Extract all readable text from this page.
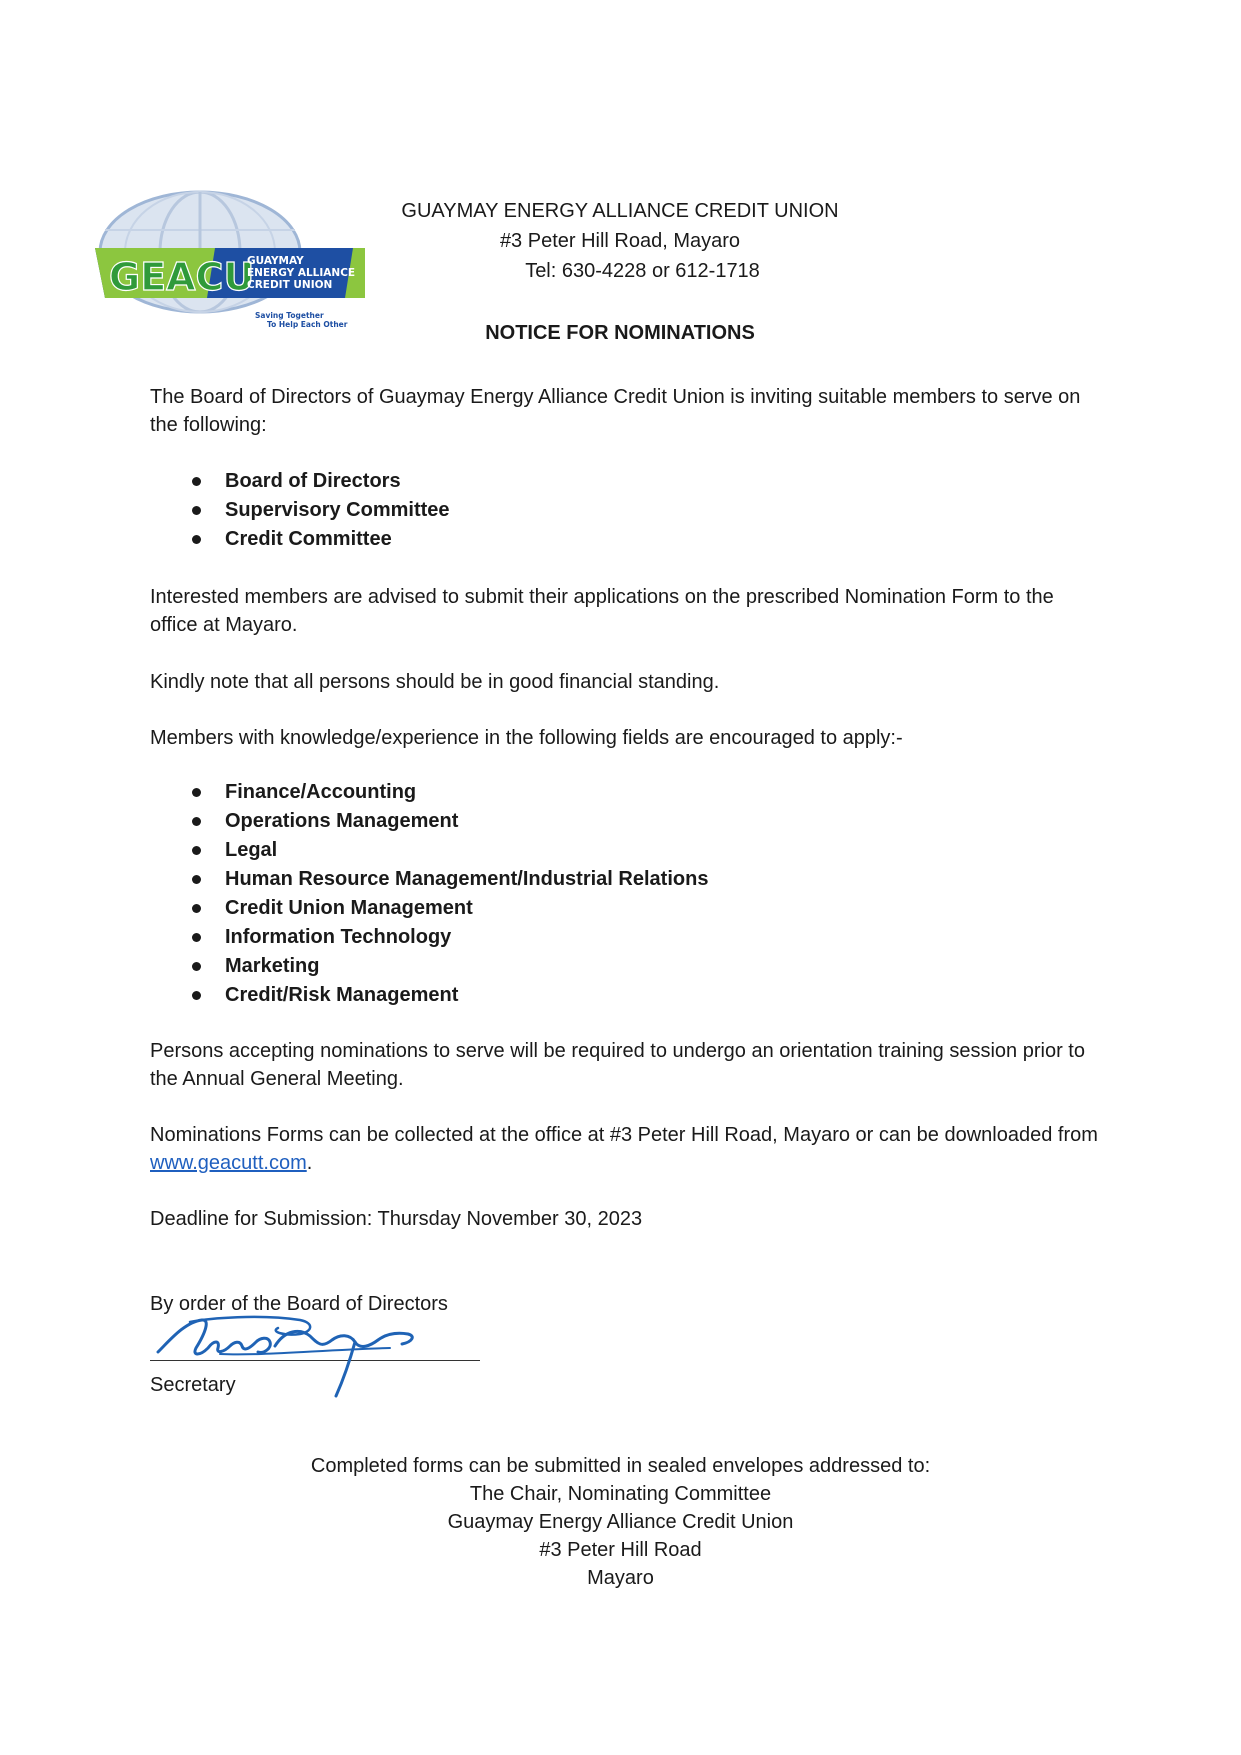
GEACU
GUAYMAY
ENERGY ALLIANCE
CREDIT UNION
Saving Together
To Help Each Other
GUAYMAY ENERGY ALLIANCE CREDIT UNION
#3 Peter Hill Road, Mayaro
Tel: 630-4228 or 612-1718
NOTICE FOR NOMINATIONS

The Board of Directors of Guaymay Energy Alliance Credit Union is inviting suitable members to serve on the following:

Board of Directors
Supervisory Committee
Credit Committee

Interested members are advised to submit their applications on the prescribed Nomination Form to the office at Mayaro.

Kindly note that all persons should be in good financial standing.

Members with knowledge/experience in the following fields are encouraged to apply:-

Finance/Accounting
Operations Management
Legal
Human Resource Management/Industrial Relations
Credit Union Management
Information Technology
Marketing
Credit/Risk Management

Persons accepting nominations to serve will be required to undergo an orientation training session prior to the Annual General Meeting.

Nominations Forms can be collected at the office at #3 Peter Hill Road, Mayaro or can be downloaded from www.geacutt.com.

Deadline for Submission: Thursday November 30, 2023

By order of the Board of Directors

Secretary

Completed forms can be submitted in sealed envelopes addressed to:
The Chair, Nominating Committee
Guaymay Energy Alliance Credit Union
#3 Peter Hill Road
Mayaro
